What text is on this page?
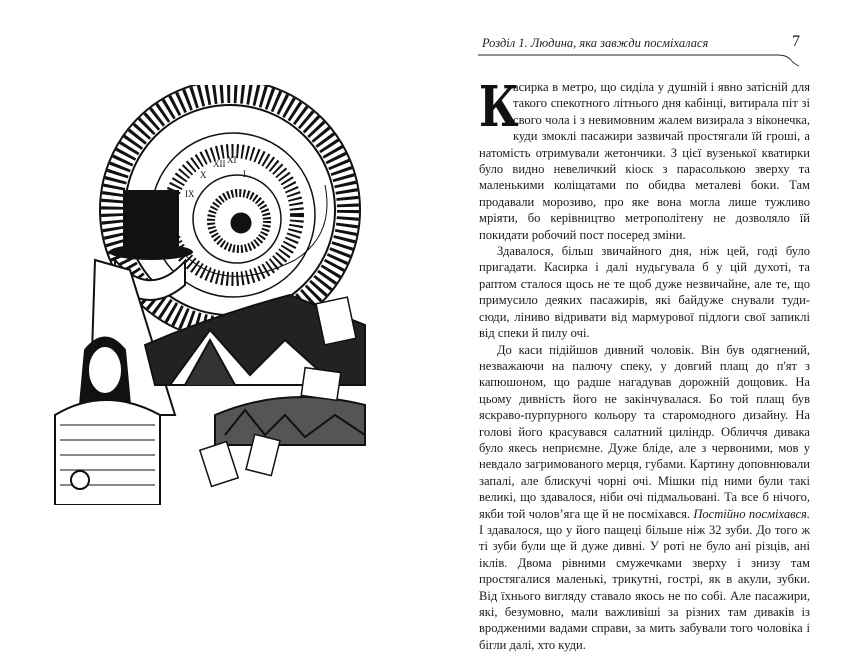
XII
I
IX
X
XI
Розділ 1. Людина, яка завжди посміхалася	7

К
асирка в метро, що сиділа у душній і явно затісній для такого спекотного літнього дня кабінці, витирала піт зі свого чола і з невимовним жалем визирала з віконечка, куди змоклі пасажири зазвичай простягали їй гроші, а натомість отримували жетончики. З цієї вузенької кватирки було видно невеличкий кіоск з парасолькою зверху та маленькими коліщатами по обидва металеві боки. Там продавали морозиво, про яке вона могла лише тужливо мріяти, бо керівництво метрополітену не дозволяло їй покидати робочий пост посеред зміни.

Здавалося, більш звичайного дня, ніж цей, годі було пригадати. Касирка і далі нудьгувала б у цій духоті, та раптом сталося щось не те щоб дуже незвичайне, але те, що примусило деяких пасажирів, які байдуже снували туди-сюди, ліниво відривати від мармурової підлоги свої запиклі від спеки й пилу очі.

До каси підійшов дивний чоловік. Він був одягнений, незважаючи на палючу спеку, у довгий плащ до п'ят з капюшоном, що радше нагадував дорожній дощовик. На цьому дивність його не закінчувалася. Бо той плащ був яскраво-пурпурного кольору та старомодного дизайну. На голові його красувався салатний циліндр. Обличчя дивака було якесь неприємне. Дуже бліде, але з червоними, мов у невдало загримованого мерця, губами. Картину доповнювали запалі, але блискучі чорні очі. Мішки під ними були такі великі, що здавалося, ніби очі підмальовані. Та все б нічого, якби той чоловʼяга ще й не посміхався. Постійно посміхався. І здавалося, що у його пащеці більше ніж 32 зуби. До того ж ті зуби були ще й дуже дивні. У роті не було ані різців, ані іклів. Двома рівними смужечками зверху і знизу там простягалися маленькі, трикутні, гострі, як в акули, зубки. Від їхнього вигляду ставало якось не по собі. Але пасажири, які, безумовно, мали важливіші за різних там диваків із вродженими вадами справи, за мить забували того чоловіка і бігли далі, хто куди.
